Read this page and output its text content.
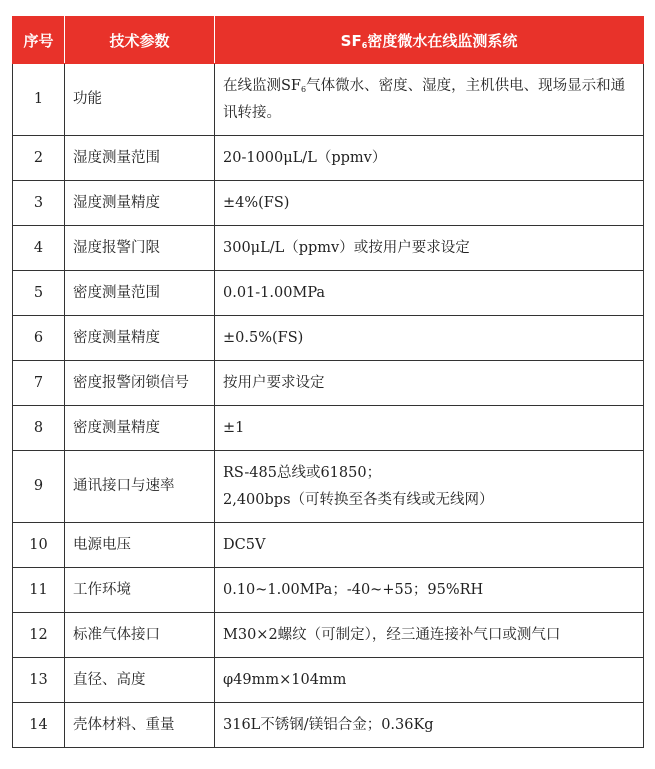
序号	技术参数	$SF_6$密度微水在线监测系统
1	功能	在线监测$SF_6$气体微水、密度、湿度，主机供电、现场显示和通讯转接。
2	湿度测量范围	20-1000μL/L（ppmv）
3	湿度测量精度	±4%(FS)
4	湿度报警门限	300μL/L（ppmv）或按用户要求设定
5	密度测量范围	0.01-1.00MPa
6	密度测量精度	±0.5%(FS)
7	密度报警闭锁信号	按用户要求设定
8	密度测量精度	±1
9	通讯接口与速率	RS-485总线或61850；
2,400bps（可转换至各类有线或无线网）

10	电源电压	DC5V
11	工作环境	0.10~1.00MPa；-40~+55；95%RH
12	标准气体接口	M30×2螺纹（可制定），经三通连接补气口或测气口
13	直径、高度	φ49mm×104mm
14	壳体材料、重量	316L不锈钢/镁铝合金；0.36Kg
